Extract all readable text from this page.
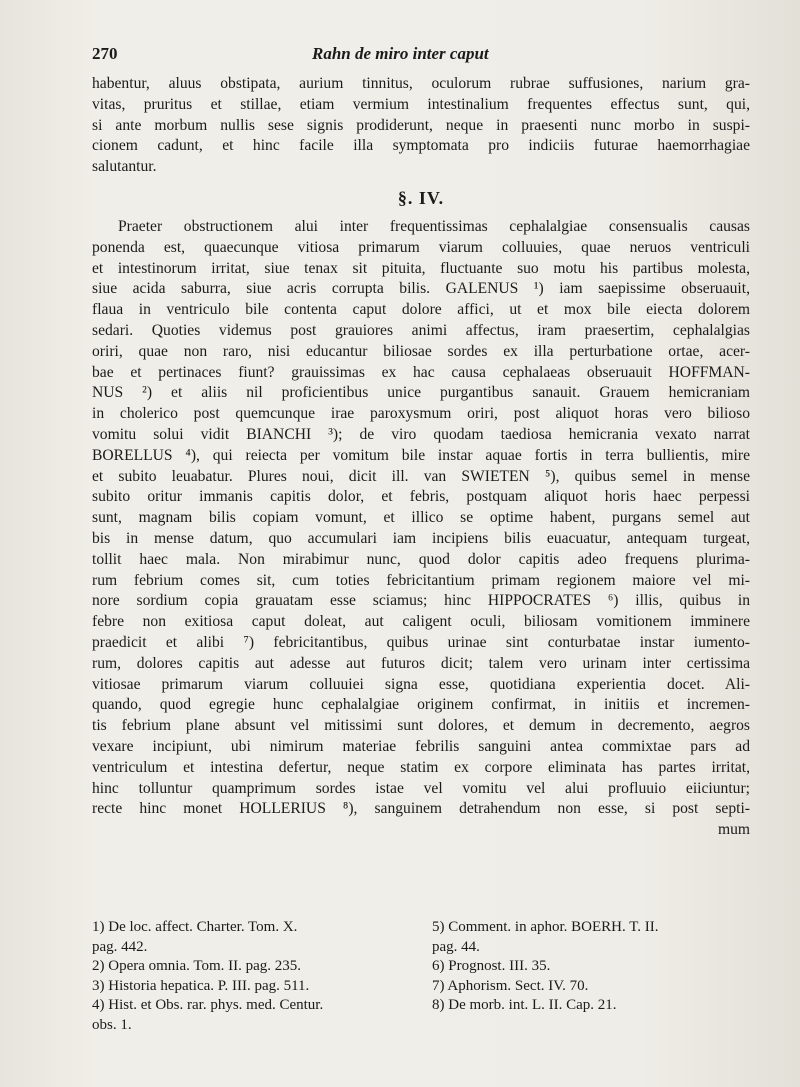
270	Rahn de miro inter caput
habentur, aluus obstipata, aurium tinnitus, oculorum rubrae suffusiones, narium gra-
vitas, pruritus et stillae, etiam vermium intestinalium frequentes effectus sunt, qui,
si ante morbum nullis sese signis prodiderunt, neque in praesenti nunc morbo in suspi-
cionem cadunt, et hinc facile illa symptomata pro indiciis futurae haemorrhagiae
salutantur.
§. IV.
Praeter obstructionem alui inter frequentissimas cephalalgiae consensualis causas
ponenda est, quaecunque vitiosa primarum viarum colluuies, quae neruos ventriculi
et intestinorum irritat, siue tenax sit pituita, fluctuante suo motu his partibus molesta,
siue acida saburra, siue acris corrupta bilis. GALENUS ¹) iam saepissime obseruauit,
flaua in ventriculo bile contenta caput dolore affici, ut et mox bile eiecta dolorem
sedari. Quoties videmus post grauiores animi affectus, iram praesertim, cephalalgias
oriri, quae non raro, nisi educantur biliosae sordes ex illa perturbatione ortae, acer-
bae et pertinaces fiunt? grauissimas ex hac causa cephalaeas obseruauit HOFFMAN-
NUS ²) et aliis nil proficientibus unice purgantibus sanauit. Grauem hemicraniam
in cholerico post quemcunque irae paroxysmum oriri, post aliquot horas vero bilioso
vomitu solui vidit BIANCHI ³); de viro quodam taediosa hemicrania vexato narrat
BORELLUS ⁴), qui reiecta per vomitum bile instar aquae fortis in terra bullientis, mire
et subito leuabatur. Plures noui, dicit ill. van SWIETEN ⁵), quibus semel in mense
subito oritur immanis capitis dolor, et febris, postquam aliquot horis haec perpessi
sunt, magnam bilis copiam vomunt, et illico se optime habent, purgans semel aut
bis in mense datum, quo accumulari iam incipiens bilis euacuatur, antequam turgeat,
tollit haec mala. Non mirabimur nunc, quod dolor capitis adeo frequens plurima-
rum febrium comes sit, cum toties febricitantium primam regionem maiore vel mi-
nore sordium copia grauatam esse sciamus; hinc HIPPOCRATES ⁶) illis, quibus in
febre non exitiosa caput doleat, aut caligent oculi, biliosam vomitionem imminere
praedicit et alibi ⁷) febricitantibus, quibus urinae sint conturbatae instar iumento-
rum, dolores capitis aut adesse aut futuros dicit; talem vero urinam inter certissima
vitiosae primarum viarum colluuiei signa esse, quotidiana experientia docet. Ali-
quando, quod egregie hunc cephalalgiae originem confirmat, in initiis et incremen-
tis febrium plane absunt vel mitissimi sunt dolores, et demum in decremento, aegros
vexare incipiunt, ubi nimirum materiae febrilis sanguini antea commixtae pars ad
ventriculum et intestina defertur, neque statim ex corpore eliminata has partes irritat,
hinc tolluntur quamprimum sordes istae vel vomitu vel alui profluuio eiiciuntur;
recte hinc monet HOLLERIUS ⁸), sanguinem detrahendum non esse, si post septi-
mum
1) De loc. affect. Charter. Tom. X.
pag. 442.
2) Opera omnia. Tom. II. pag. 235.
3) Historia hepatica. P. III. pag. 511.
4) Hist. et Obs. rar. phys. med. Centur.
obs. 1.
5) Comment. in aphor. BOERH. T. II.
pag. 44.
6) Prognost. III. 35.
7) Aphorism. Sect. IV. 70.
8) De morb. int. L. II. Cap. 21.
